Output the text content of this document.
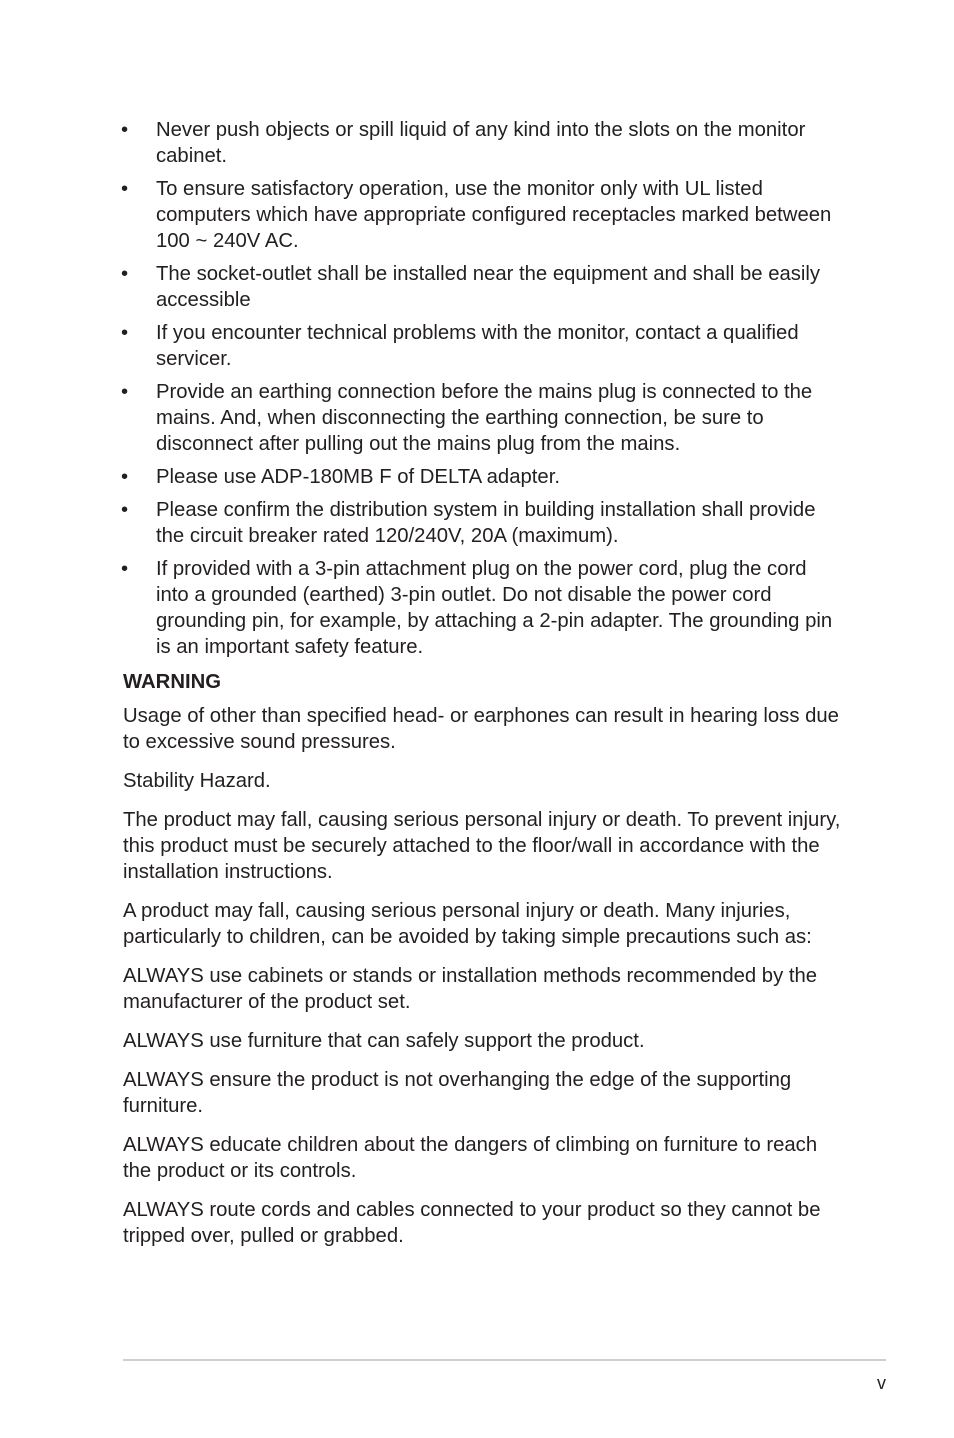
• Never push objects or spill liquid of any kind into the slots on the monitor cabinet.
• To ensure satisfactory operation, use the monitor only with UL listed computers which have appropriate configured receptacles marked between 100 ~ 240V AC.
• The socket-outlet shall be installed near the equipment and shall be easily accessible
• If you encounter technical problems with the monitor, contact a qualified servicer.
• Provide an earthing connection before the mains plug is connected to the mains. And, when disconnecting the earthing connection, be sure to disconnect after pulling out the mains plug from the mains.
• Please use ADP-180MB F of DELTA adapter.
• Please confirm the distribution system in building installation shall provide the circuit breaker rated 120/240V, 20A (maximum).
• If provided with a 3-pin attachment plug on the power cord, plug the cord into a grounded (earthed) 3-pin outlet. Do not disable the power cord grounding pin, for example, by attaching a 2-pin adapter. The grounding pin is an important safety feature.
WARNING

Usage of other than specified head- or earphones can result in hearing loss due to excessive sound pressures.

Stability Hazard.

The product may fall, causing serious personal injury or death. To prevent injury, this product must be securely attached to the floor/wall in accordance with the installation instructions.

A product may fall, causing serious personal injury or death. Many injuries, particularly to children, can be avoided by taking simple precautions such as:

ALWAYS use cabinets or stands or installation methods recommended by the manufacturer of the product set.

ALWAYS use furniture that can safely support the product.

ALWAYS ensure the product is not overhanging the edge of the supporting furniture.

ALWAYS educate children about the dangers of climbing on furniture to reach the product or its controls.

ALWAYS route cords and cables connected to your product so they cannot be tripped over, pulled or grabbed.

v
